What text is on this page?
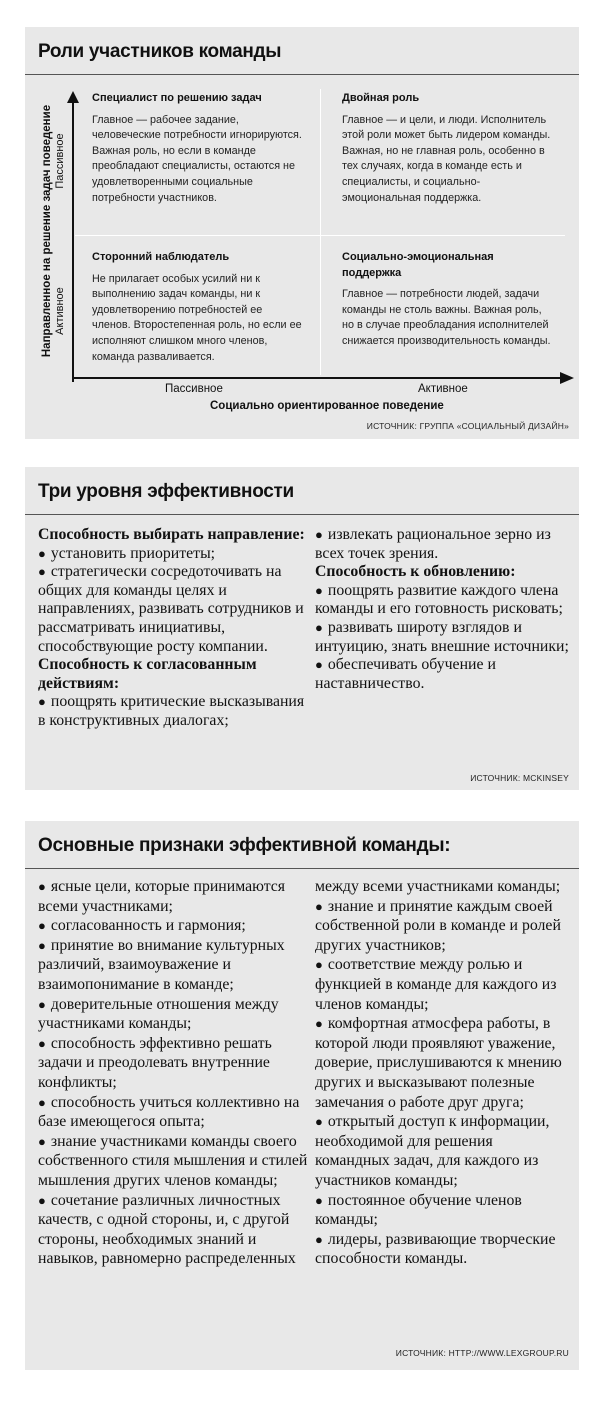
Роли участников команды
Направленное на решение задач поведение Пассивное
Активное
Специалист по решению задач

Главное — рабочее задание, человеческие потребности игнорируются. Важная роль, но если в команде преобладают специалисты, остаются не удовлетворенными социальные потребности участников.

Двойная роль

Главное — и цели, и люди. Исполнитель этой роли может быть лидером команды. Важная, но не главная роль, особенно в тех случаях, когда в команде есть и специалисты, и социально-эмоциональная поддержка.

Сторонний наблюдатель

Не прилагает особых усилий ни к выполнению задач команды, ни к удовлетворению потребностей ее членов. Второстепенная роль, но если ее исполняют слишком много членов, команда разваливается.

Социально-эмоциональная поддержка

Главное — потребности людей, задачи команды не столь важны. Важная роль, но в случае преобладания исполнителей снижается производительность команды.

Пассивное	Активное
Социально ориентированное поведение
ИСТОЧНИК: ГРУППА «СОЦИАЛЬНЫЙ ДИЗАЙН»
Три уровня эффективности
Способность выбирать направление:
● установить приоритеты;
● стратегически сосредоточивать на общих для команды целях и направлениях, развивать сотрудников и рассматривать инициативы, способствующие росту компании.
Способность к согласованным действиям:
● поощрять критические высказывания в конструктивных диалогах;
● извлекать рациональное зерно из всех точек зрения.
Способность к обновлению:
● поощрять развитие каждого члена команды и его готовность рисковать;
● развивать широту взглядов и интуицию, знать внешние источники;
● обеспечивать обучение и наставничество.
ИСТОЧНИК: MCKINSEY
Основные признаки эффективной команды:
● ясные цели, которые принимаются всеми участниками;
● согласованность и гармония;
● принятие во внимание культурных различий, взаимоуважение и взаимопонимание в команде;
● доверительные отношения между участниками команды;
● способность эффективно решать задачи и преодолевать внутренние конфликты;
● способность учиться коллективно на базе имеющегося опыта;
● знание участниками команды своего собственного стиля мышления и стилей мышления других членов команды;
● сочетание различных личностных качеств, с одной стороны, и, с другой стороны, необходимых знаний и навыков, равномерно распределенных
между всеми участниками команды;
● знание и принятие каждым своей собственной роли в команде и ролей других участников;
● соответствие между ролью и функцией в команде для каждого из членов команды;
● комфортная атмосфера работы, в которой люди проявляют уважение, доверие, прислушиваются к мнению других и высказывают полезные замечания о работе друг друга;
● открытый доступ к информации, необходимой для решения командных задач, для каждого из участников команды;
● постоянное обучение членов команды;
● лидеры, развивающие творческие способности команды.
ИСТОЧНИК: HTTP://WWW.LEXGROUP.RU
